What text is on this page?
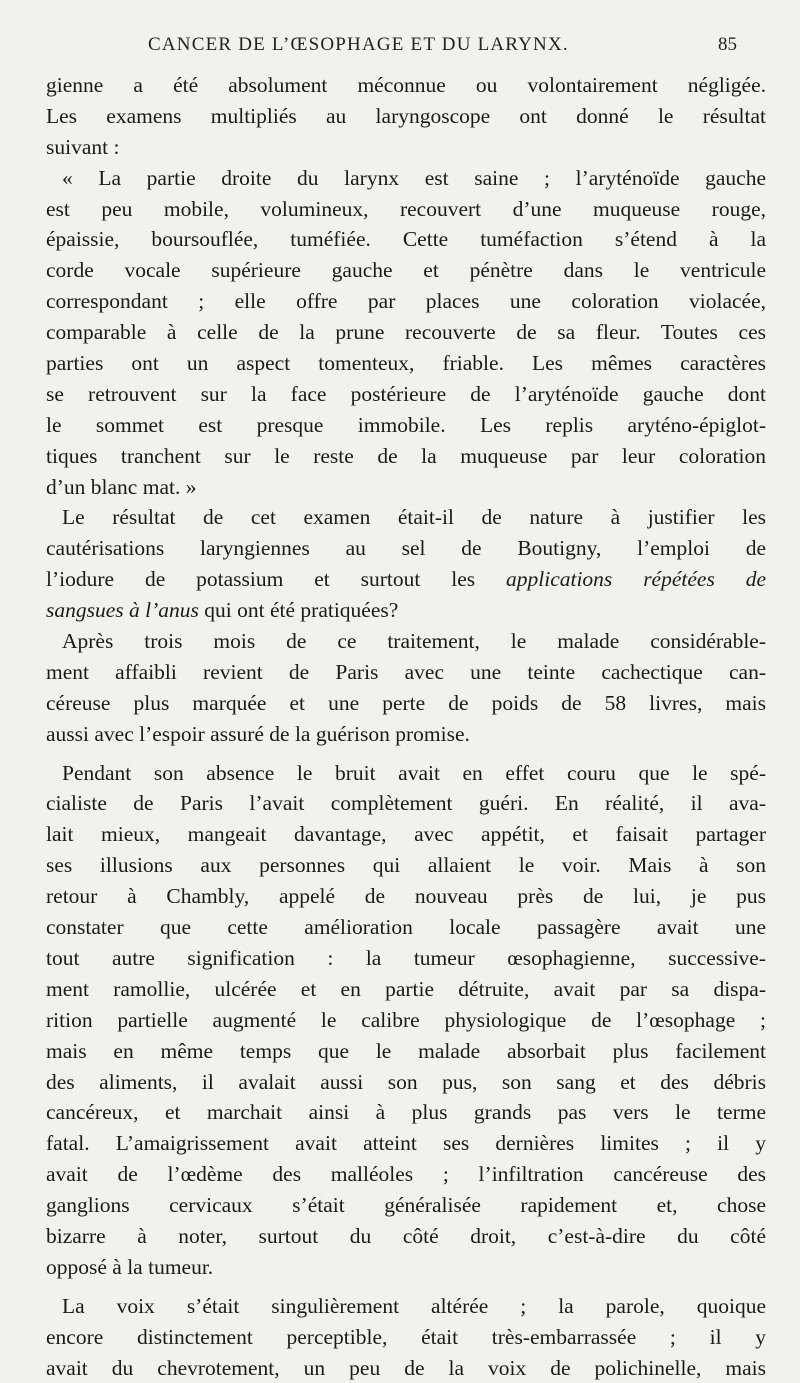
CANCER DE L’ŒSOPHAGE ET DU LARYNX.	85
gienne a été absolument méconnue ou volontairement négligée.
Les examens multipliés au laryngoscope ont donné le résultat
suivant :
« La partie droite du larynx est saine ; l’aryténoïde gauche
est peu mobile, volumineux, recouvert d’une muqueuse rouge,
épaissie, boursouflée, tuméfiée. Cette tuméfaction s’étend à la
corde vocale supérieure gauche et pénètre dans le ventricule
correspondant ; elle offre par places une coloration violacée,
comparable à celle de la prune recouverte de sa fleur. Toutes ces
parties ont un aspect tomenteux, friable. Les mêmes caractères
se retrouvent sur la face postérieure de l’aryténoïde gauche dont
le sommet est presque immobile. Les replis aryténo-épiglot-
tiques tranchent sur le reste de la muqueuse par leur coloration
d’un blanc mat. »
Le résultat de cet examen était-il de nature à justifier les
cautérisations laryngiennes au sel de Boutigny, l’emploi de
l’iodure de potassium et surtout les applications répétées de
sangsues à l’anus qui ont été pratiquées?
Après trois mois de ce traitement, le malade considérable-
ment affaibli revient de Paris avec une teinte cachectique can-
céreuse plus marquée et une perte de poids de 58 livres, mais
aussi avec l’espoir assuré de la guérison promise.
Pendant son absence le bruit avait en effet couru que le spé-
cialiste de Paris l’avait complètement guéri. En réalité, il ava-
lait mieux, mangeait davantage, avec appétit, et faisait partager
ses illusions aux personnes qui allaient le voir. Mais à son
retour à Chambly, appelé de nouveau près de lui, je pus
constater que cette amélioration locale passagère avait une
tout autre signification : la tumeur œsophagienne, successive-
ment ramollie, ulcérée et en partie détruite, avait par sa dispa-
rition partielle augmenté le calibre physiologique de l’œsophage ;
mais en même temps que le malade absorbait plus facilement
des aliments, il avalait aussi son pus, son sang et des débris
cancéreux, et marchait ainsi à plus grands pas vers le terme
fatal. L’amaigrissement avait atteint ses dernières limites ; il y
avait de l’œdème des malléoles ; l’infiltration cancéreuse des
ganglions cervicaux s’était généralisée rapidement et, chose
bizarre à noter, surtout du côté droit, c’est-à-dire du côté
opposé à la tumeur.
La voix s’était singulièrement altérée ; la parole, quoique
encore distinctement perceptible, était très-embarrassée ; il y
avait du chevrotement, un peu de la voix de polichinelle, mais
